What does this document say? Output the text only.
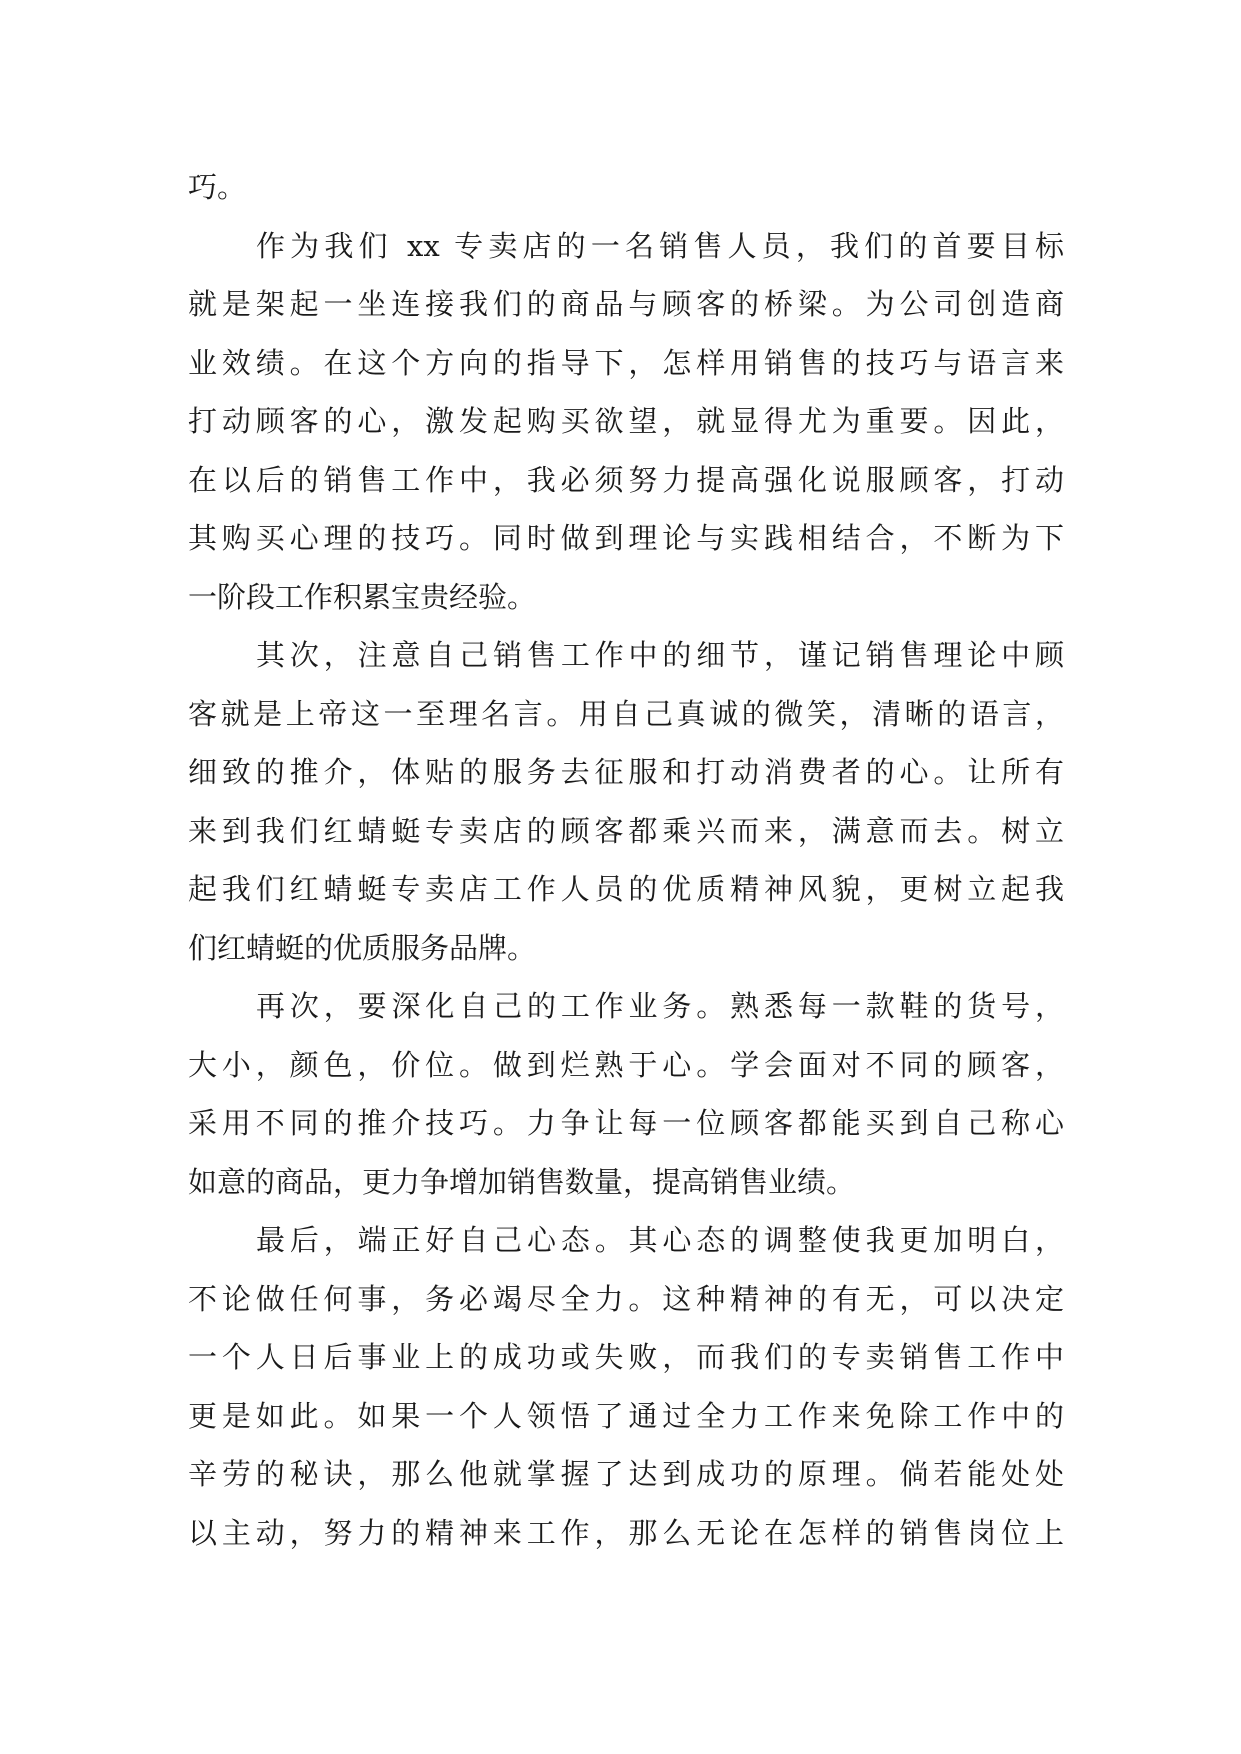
巧。
作为我们 xx 专卖店的一名销售人员，我们的首要目标
就是架起一坐连接我们的商品与顾客的桥梁。为公司创造商
业效绩。在这个方向的指导下，怎样用销售的技巧与语言来
打动顾客的心，激发起购买欲望，就显得尤为重要。因此，
在以后的销售工作中，我必须努力提高强化说服顾客，打动
其购买心理的技巧。同时做到理论与实践相结合，不断为下
一阶段工作积累宝贵经验。
其次，注意自己销售工作中的细节，谨记销售理论中顾
客就是上帝这一至理名言。用自己真诚的微笑，清晰的语言，
细致的推介，体贴的服务去征服和打动消费者的心。让所有
来到我们红蜻蜓专卖店的顾客都乘兴而来，满意而去。树立
起我们红蜻蜓专卖店工作人员的优质精神风貌，更树立起我
们红蜻蜓的优质服务品牌。
再次，要深化自己的工作业务。熟悉每一款鞋的货号，
大小，颜色，价位。做到烂熟于心。学会面对不同的顾客，
采用不同的推介技巧。力争让每一位顾客都能买到自己称心
如意的商品，更力争增加销售数量，提高销售业绩。
最后，端正好自己心态。其心态的调整使我更加明白，
不论做任何事，务必竭尽全力。这种精神的有无，可以决定
一个人日后事业上的成功或失败，而我们的专卖销售工作中
更是如此。如果一个人领悟了通过全力工作来免除工作中的
辛劳的秘诀，那么他就掌握了达到成功的原理。倘若能处处
以主动，努力的精神来工作，那么无论在怎样的销售岗位上
